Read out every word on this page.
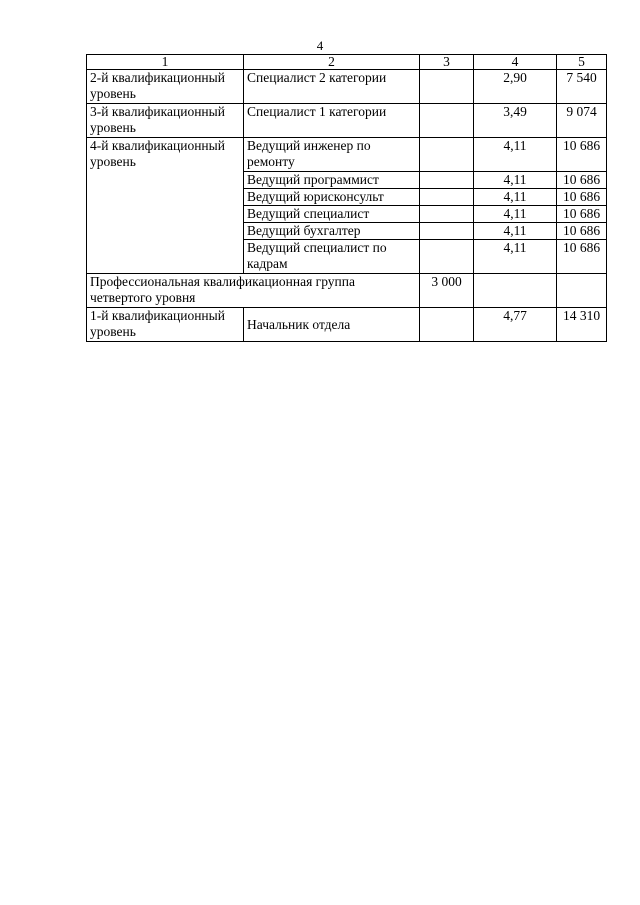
4
1	2	3	4	5
2-й квалификационный
уровень	Специалист 2 категории		2,90	7 540
3-й квалификационный
уровень	Специалист 1 категории		3,49	9 074
4-й квалификационный
уровень	Ведущий инженер по ремонту		4,11	10 686
	Ведущий программист		4,11	10 686
	Ведущий юрисконсульт		4,11	10 686
	Ведущий специалист		4,11	10 686
	Ведущий бухгалтер		4,11	10 686
	Ведущий специалист по кадрам		4,11	10 686
Профессиональная квалификационная группа четвертого уровня		3 000		
1-й квалификационный
уровень	Начальник отдела		4,77	14 310
